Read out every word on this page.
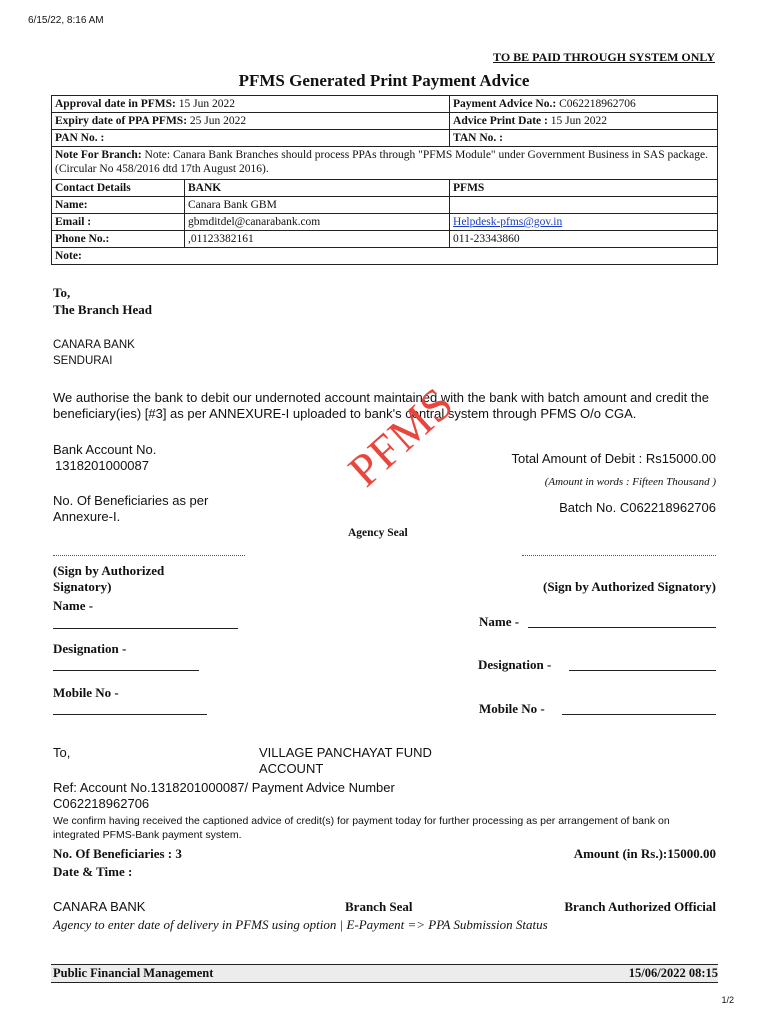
6/15/22, 8:16 AM
TO BE PAID THROUGH SYSTEM ONLY
PFMS Generated Print Payment Advice
Approval date in PFMS: 15 Jun 2022		Payment Advice No.: C062218962706
Expiry date of PPA PFMS: 25 Jun 2022		Advice Print Date : 15 Jun 2022
PAN No. :		TAN No. :
Note For Branch: Note: Canara Bank Branches should process PPAs through "PFMS Module" under Government Business in SAS package.(Circular No 458/2016 dtd 17th August 2016).		
Contact Details	BANK	PFMS
Name:	Canara Bank GBM	
Email :	gbmditdel@canarabank.com	Helpdesk-pfms@gov.in
Phone No.:	,01123382161	011-23343860
Note:		
To,
The Branch Head
CANARA BANK
SENDURAI
We authorise the bank to debit our undernoted account maintained with the bank with batch amount and credit the beneficiary(ies) [#3] as per ANNEXURE-I uploaded to bank's central system through PFMS O/o CGA.
Bank Account No.
1318201000087	Total Amount of Debit : Rs15000.00
(Amount in words : Fifteen Thousand )
No. Of Beneficiaries as per Annexure-I.
Batch No. C062218962706
Agency Seal
PFMS
(Sign by Authorized Signatory)
Name -
Designation -
Mobile No -
(Sign by Authorized Signatory)
Name -
Designation -
Mobile No -
To,	VILLAGE PANCHAYAT FUND ACCOUNT
Ref: Account No.1318201000087/ Payment Advice Number C062218962706
We confirm having received the captioned advice of credit(s) for payment today for further processing as per arrangement of bank on integrated PFMS-Bank payment system.
No. Of Beneficiaries : 3	Amount (in Rs.):15000.00
Date & Time :
CANARA BANK	Branch Seal	Branch Authorized Official
Agency to enter date of delivery in PFMS using option | E-Payment => PPA Submission Status
Public Financial Management	15/06/2022 08:15
1/2
